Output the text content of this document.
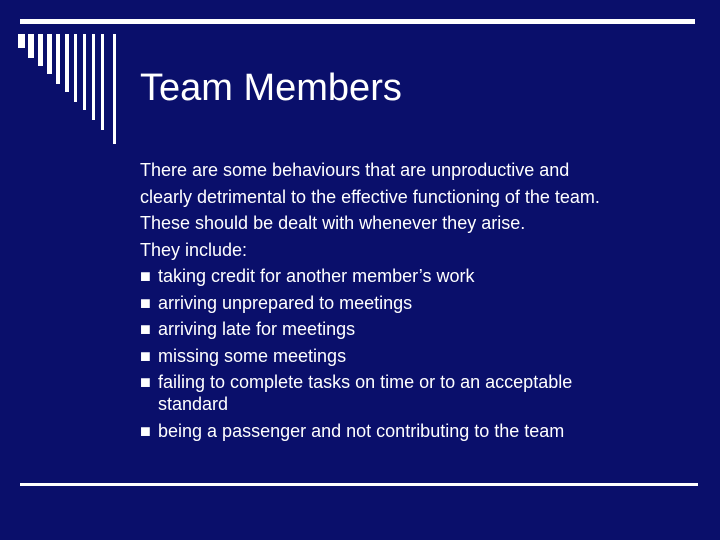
Team Members
There are some behaviours that are unproductive and
clearly detrimental to the effective functioning of the team.
These should be dealt with whenever they arise.
They include:
■ taking credit for another member’s work
■ arriving unprepared to meetings
■ arriving late for meetings
■ missing some meetings
■ failing to complete tasks on time or to an acceptable standard
■ being a passenger and not contributing to the team
